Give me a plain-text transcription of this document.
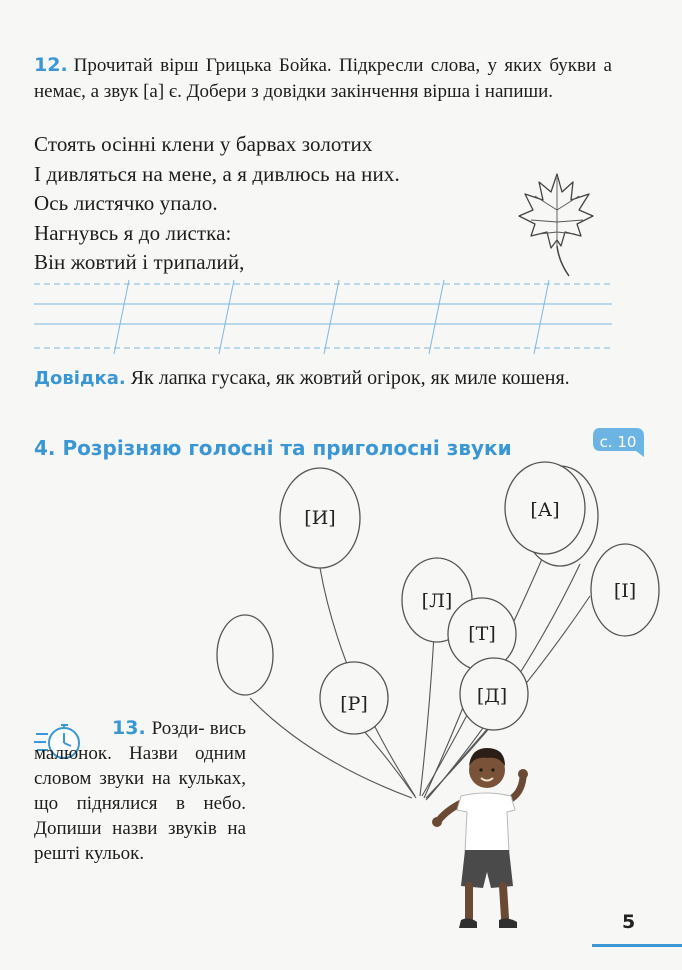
12. Прочитай вірш Грицька Бойка. Підкресли слова, у яких букви а немає, а звук [а] є. Добери з довідки закінчення вірша і напиши.
Стоять осінні клени у барвах золотих
І дивляться на мене, а я дивлюсь на них.
Ось листячко упало.
Нагнувсь я до листка:
Він жовтий і трипалий,
Довідка. Як лапка гусака, як жовтий огірок, як миле кошеня.
4. Розрізняю голосні та приголосні звуки	с. 10
[И]	[А]
[І]
[Л]
[Т]
[Р]	[Д]
13. Розди- вись малюнок. Назви одним словом звуки на кульках, що піднялися в небо. Допиши назви звуків на решті кульок.
5
